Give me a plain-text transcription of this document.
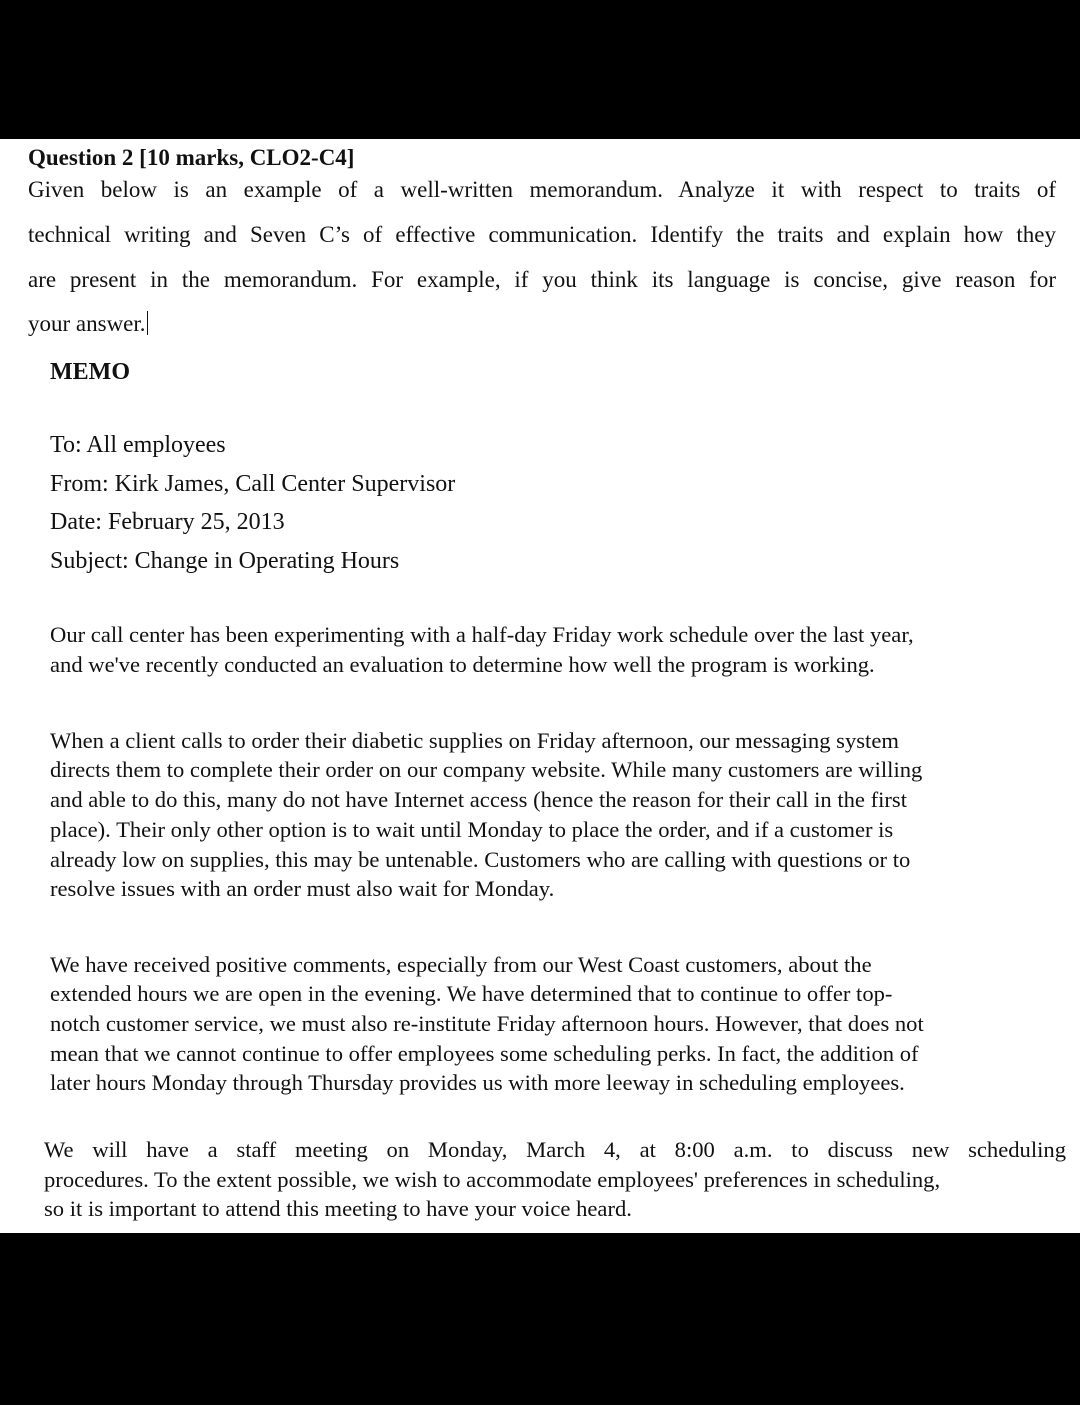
Question 2 [10 marks, CLO2-C4]
Given below is an example of a well-written memorandum. Analyze it with respect to traits of
technical writing and Seven C’s of effective communication. Identify the traits and explain how they
are present in the memorandum. For example, if you think its language is concise, give reason for
your answer.
MEMO
To: All employees
From: Kirk James, Call Center Supervisor
Date: February 25, 2013
Subject: Change in Operating Hours
Our call center has been experimenting with a half-day Friday work schedule over the last year,
and we've recently conducted an evaluation to determine how well the program is working.
When a client calls to order their diabetic supplies on Friday afternoon, our messaging system
directs them to complete their order on our company website. While many customers are willing
and able to do this, many do not have Internet access (hence the reason for their call in the first
place). Their only other option is to wait until Monday to place the order, and if a customer is
already low on supplies, this may be untenable. Customers who are calling with questions or to
resolve issues with an order must also wait for Monday.
We have received positive comments, especially from our West Coast customers, about the
extended hours we are open in the evening. We have determined that to continue to offer top-
notch customer service, we must also re-institute Friday afternoon hours. However, that does not
mean that we cannot continue to offer employees some scheduling perks. In fact, the addition of
later hours Monday through Thursday provides us with more leeway in scheduling employees.
We will have a staff meeting on Monday, March 4, at 8:00 a.m. to discuss new scheduling
procedures. To the extent possible, we wish to accommodate employees' preferences in scheduling,
so it is important to attend this meeting to have your voice heard.
